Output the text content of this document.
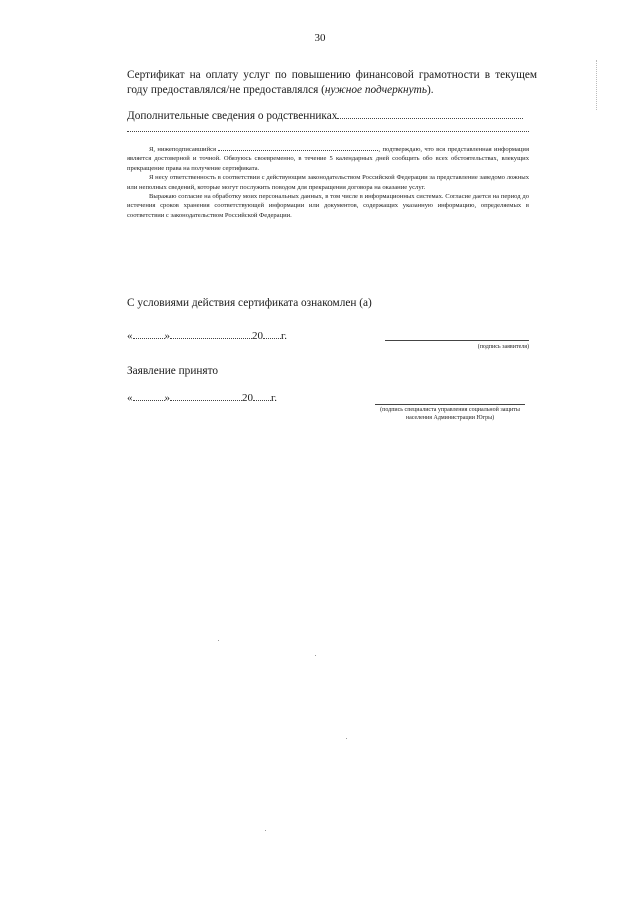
30
Сертификат на оплату услуг по повышению финансовой грамотности в текущем году предоставлялся/не предоставлялся (нужное подчеркнуть).
Дополнительные сведения о родственниках

Я, нижеподписавшийся	, подтверждаю, что вся представленная информация является достоверной и точной. Обязуюсь своевременно, в течение 5 календарных дней сообщить обо всех обстоятельствах, влекущих прекращение права на получение сертификата.

Я несу ответственность в соответствии с действующим законодательством Российской Федерации за представление заведомо ложных или неполных сведений, которые могут послужить поводом для прекращения договора на оказание услуг.

Выражаю согласие на обработку моих персональных данных, в том числе в информационных системах. Согласие дается на период до истечения сроков хранения соответствующей информации или документов, содержащих указанную информацию, определяемых в соответствии с законодательством Российской Федерации.

С условиями действия сертификата ознакомлен (а)
«	»	20 г.
(подпись заявителя)
Заявление принято
«	»	20 г.
(подпись специалиста управления социальной защиты населения Администрации Югры)
